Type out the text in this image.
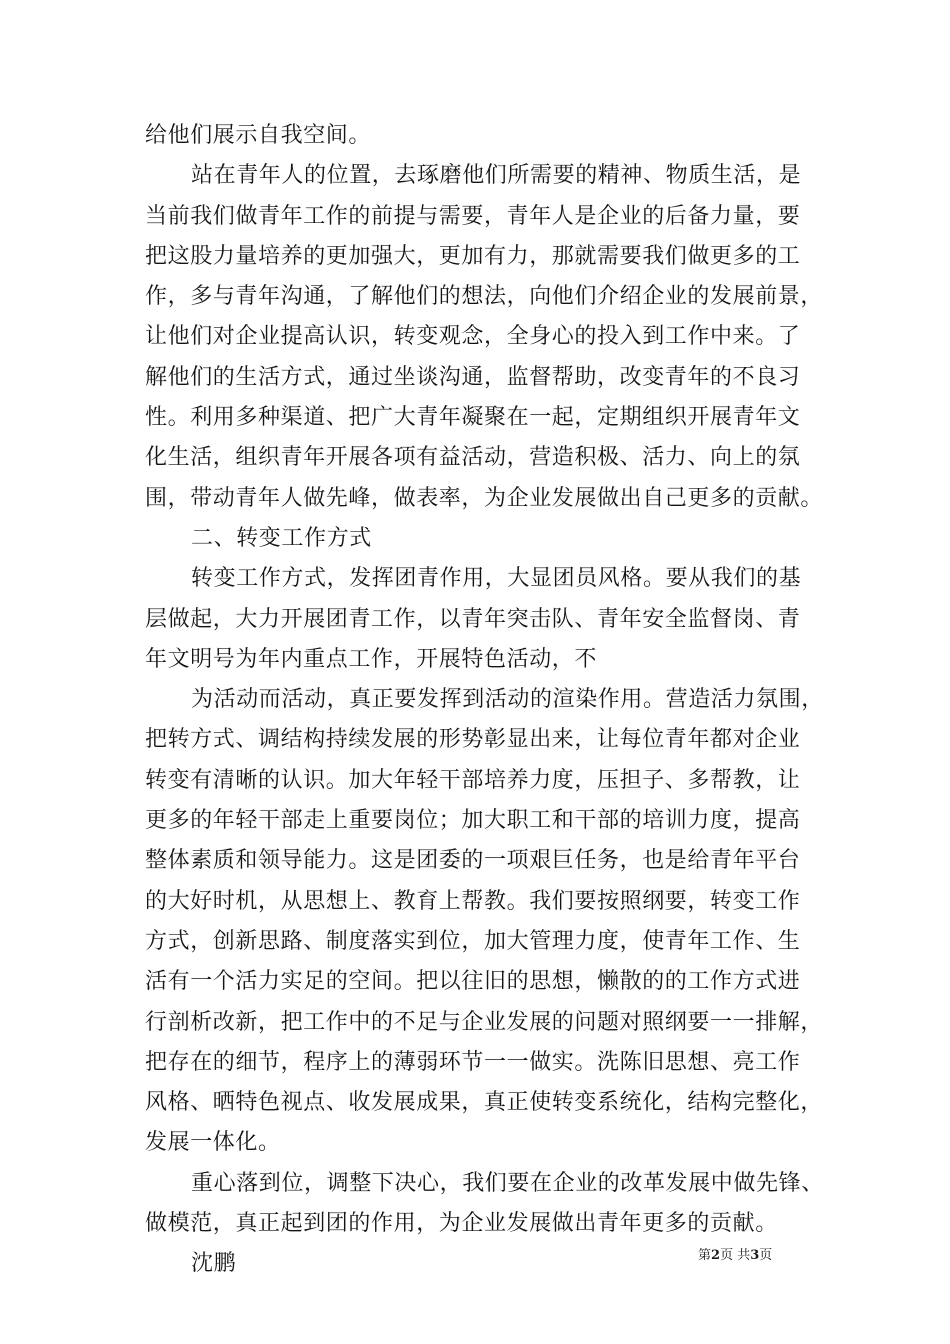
给他们展示自我空间。
站在青年人的位置，去琢磨他们所需要的精神、物质生活，是
当前我们做青年工作的前提与需要，青年人是企业的后备力量，要
把这股力量培养的更加强大，更加有力，那就需要我们做更多的工
作，多与青年沟通，了解他们的想法，向他们介绍企业的发展前景，
让他们对企业提高认识，转变观念，全身心的投入到工作中来。了
解他们的生活方式，通过坐谈沟通，监督帮助，改变青年的不良习
性。利用多种渠道、把广大青年凝聚在一起，定期组织开展青年文
化生活，组织青年开展各项有益活动，营造积极、活力、向上的氛
围，带动青年人做先峰，做表率，为企业发展做出自己更多的贡献。
二、转变工作方式
转变工作方式，发挥团青作用，大显团员风格。要从我们的基
层做起，大力开展团青工作，以青年突击队、青年安全监督岗、青
年文明号为年内重点工作，开展特色活动，不
为活动而活动，真正要发挥到活动的渲染作用。营造活力氛围，
把转方式、调结构持续发展的形势彰显出来，让每位青年都对企业
转变有清晰的认识。加大年轻干部培养力度，压担子、多帮教，让
更多的年轻干部走上重要岗位；加大职工和干部的培训力度，提高
整体素质和领导能力。这是团委的一项艰巨任务，也是给青年平台
的大好时机，从思想上、教育上帮教。我们要按照纲要，转变工作
方式，创新思路、制度落实到位，加大管理力度，使青年工作、生
活有一个活力实足的空间。把以往旧的思想，懒散的的工作方式进
行剖析改新，把工作中的不足与企业发展的问题对照纲要一一排解，
把存在的细节，程序上的薄弱环节一一做实。洗陈旧思想、亮工作
风格、晒特色视点、收发展成果，真正使转变系统化，结构完整化，
发展一体化。
重心落到位，调整下决心，我们要在企业的改革发展中做先锋、
做模范，真正起到团的作用，为企业发展做出青年更多的贡献。
沈鹏	第2页 共3页
